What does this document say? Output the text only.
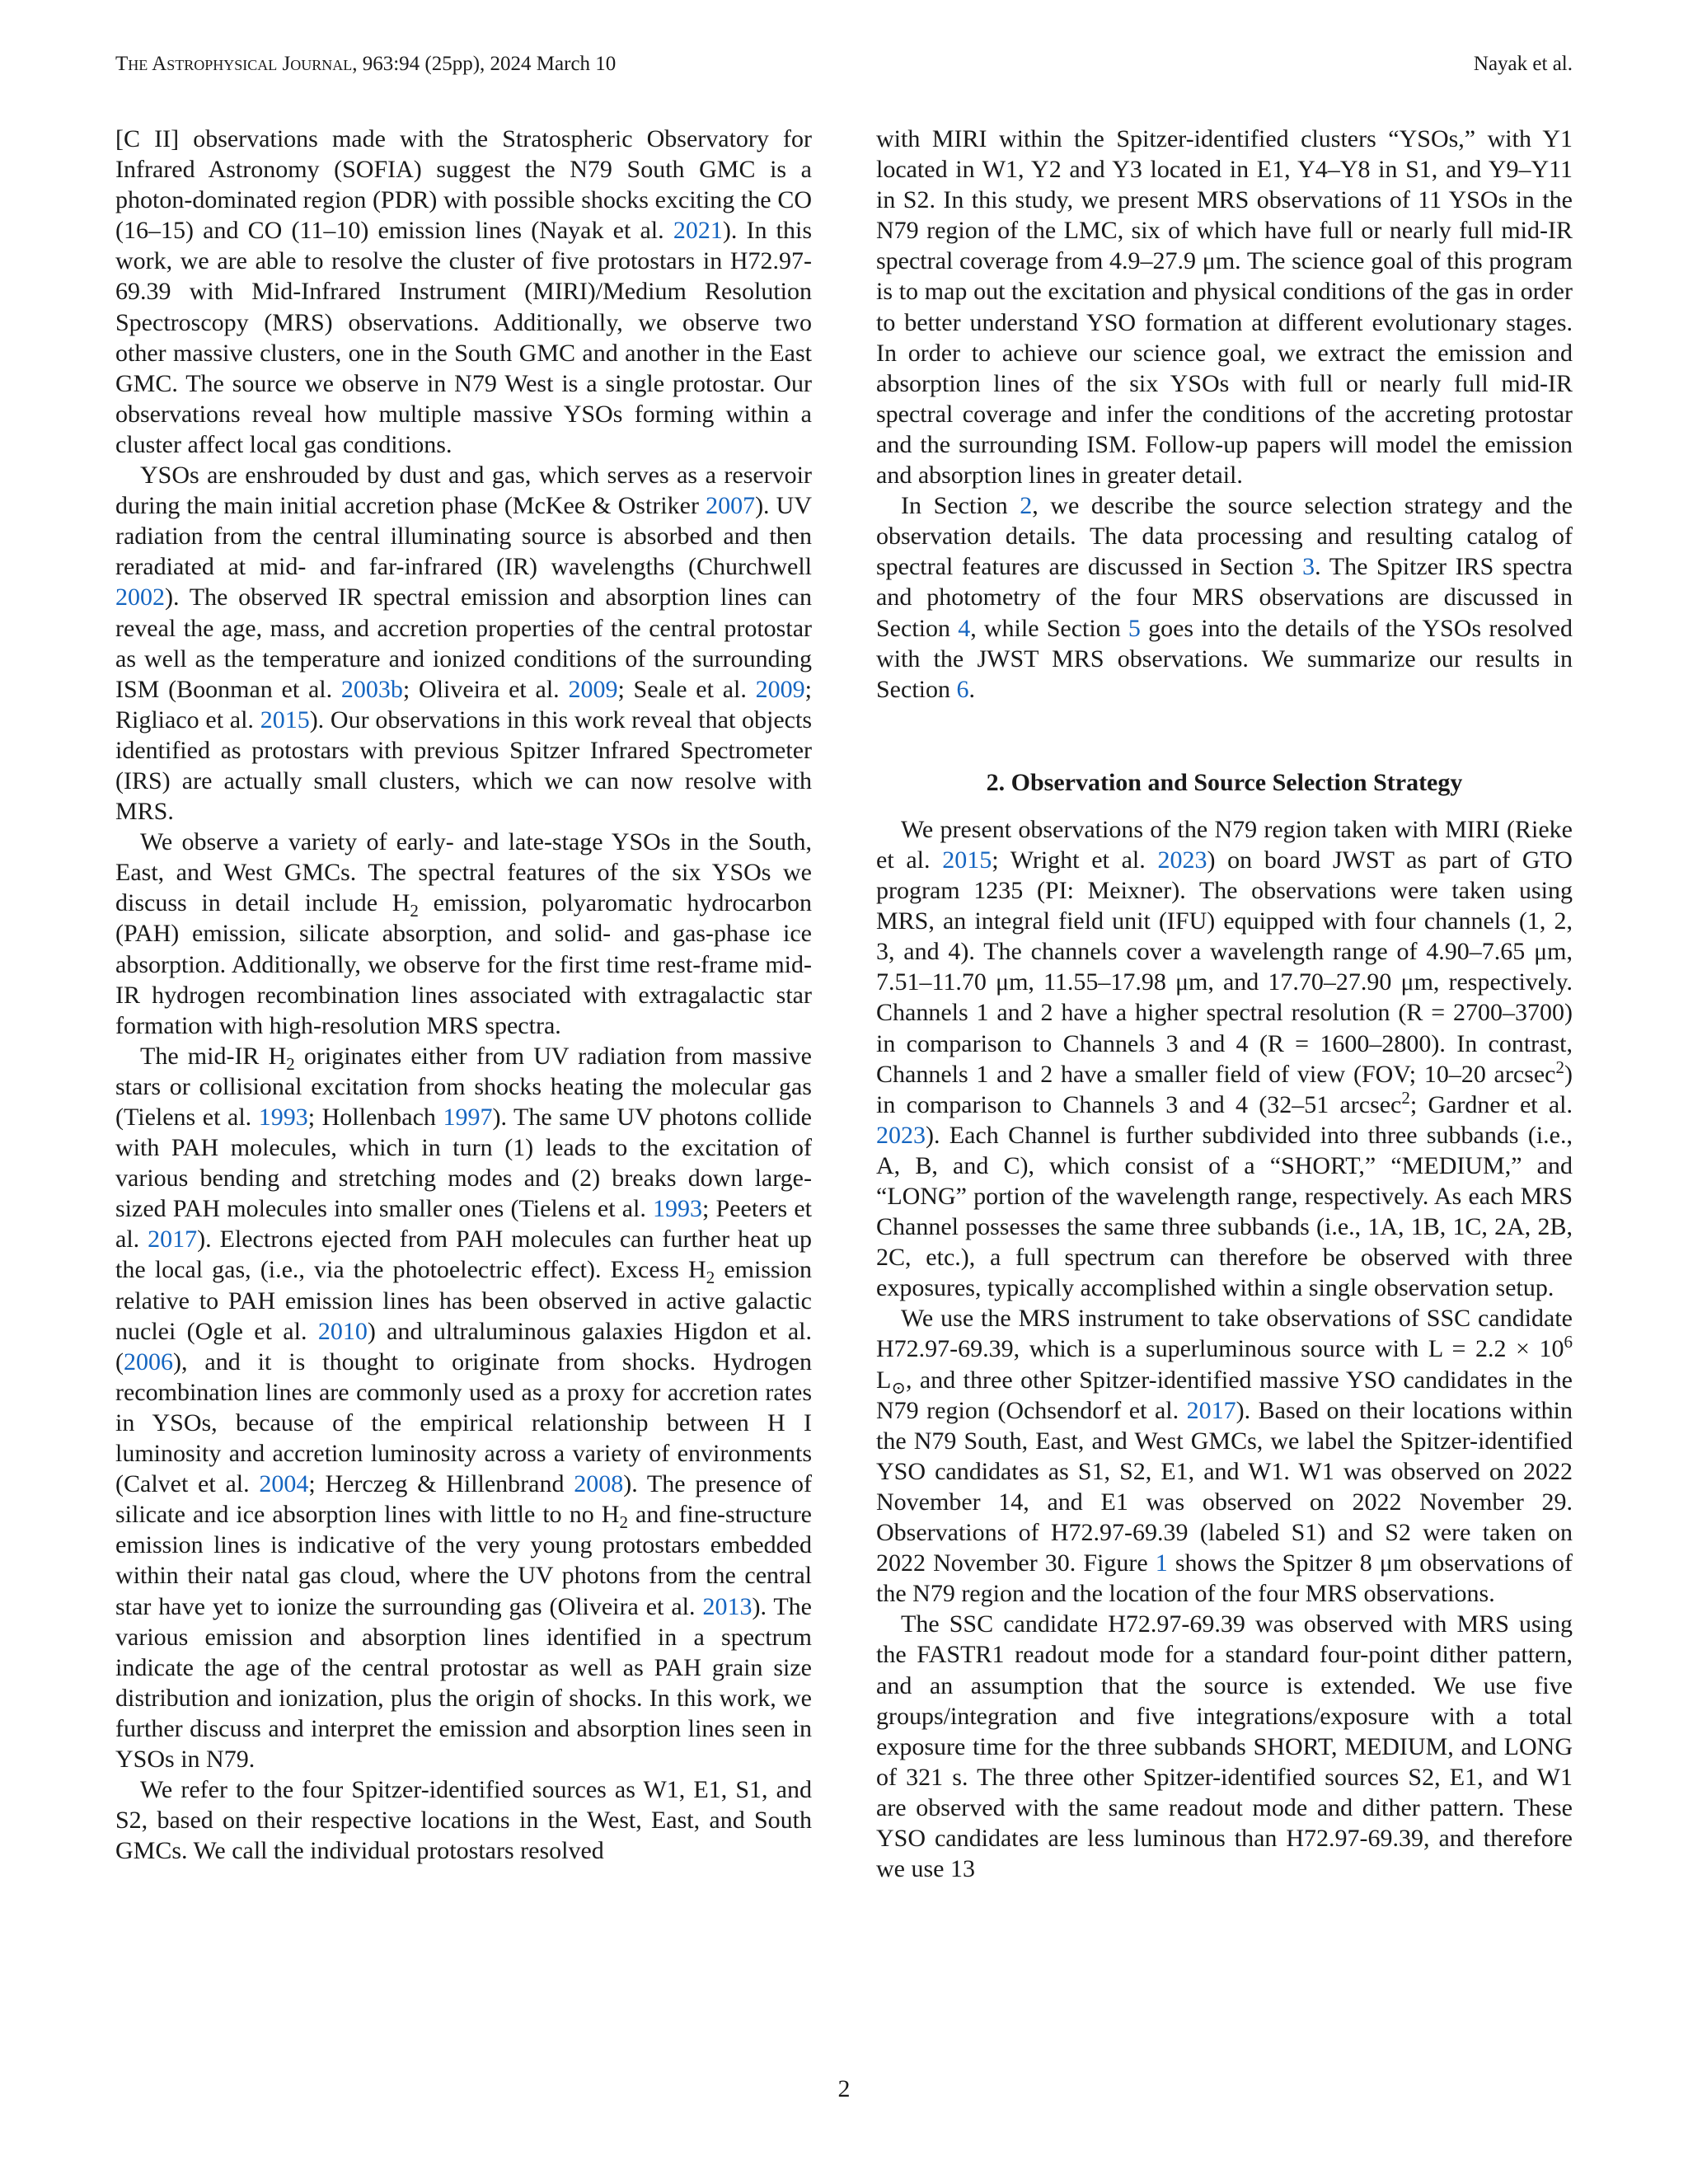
The Astrophysical Journal, 963:94 (25pp), 2024 March 10	Nayak et al.

[C II] observations made with the Stratospheric Observatory for Infrared Astronomy (SOFIA) suggest the N79 South GMC is a photon-dominated region (PDR) with possible shocks exciting the CO (16–15) and CO (11–10) emission lines (Nayak et al. 2021). In this work, we are able to resolve the cluster of five protostars in H72.97-69.39 with Mid-Infrared Instrument (MIRI)/Medium Resolution Spectroscopy (MRS) observations. Additionally, we observe two other massive clusters, one in the South GMC and another in the East GMC. The source we observe in N79 West is a single protostar. Our observations reveal how multiple massive YSOs forming within a cluster affect local gas conditions.

YSOs are enshrouded by dust and gas, which serves as a reservoir during the main initial accretion phase (McKee & Ostriker 2007). UV radiation from the central illuminating source is absorbed and then reradiated at mid- and far-infrared (IR) wavelengths (Churchwell 2002). The observed IR spectral emission and absorption lines can reveal the age, mass, and accretion properties of the central protostar as well as the temperature and ionized conditions of the surrounding ISM (Boonman et al. 2003b; Oliveira et al. 2009; Seale et al. 2009; Rigliaco et al. 2015). Our observations in this work reveal that objects identified as protostars with previous Spitzer Infrared Spectrometer (IRS) are actually small clusters, which we can now resolve with MRS.

We observe a variety of early- and late-stage YSOs in the South, East, and West GMCs. The spectral features of the six YSOs we discuss in detail include $H_2$ emission, polyaromatic hydrocarbon (PAH) emission, silicate absorption, and solid- and gas-phase ice absorption. Additionally, we observe for the first time rest-frame mid-IR hydrogen recombination lines associated with extragalactic star formation with high-resolution MRS spectra.

The mid-IR $H_2$ originates either from UV radiation from massive stars or collisional excitation from shocks heating the molecular gas (Tielens et al. 1993; Hollenbach 1997). The same UV photons collide with PAH molecules, which in turn (1) leads to the excitation of various bending and stretching modes and (2) breaks down large-sized PAH molecules into smaller ones (Tielens et al. 1993; Peeters et al. 2017). Electrons ejected from PAH molecules can further heat up the local gas, (i.e., via the photoelectric effect). Excess $H_2$ emission relative to PAH emission lines has been observed in active galactic nuclei (Ogle et al. 2010) and ultraluminous galaxies Higdon et al. (2006), and it is thought to originate from shocks. Hydrogen recombination lines are commonly used as a proxy for accretion rates in YSOs, because of the empirical relationship between H I luminosity and accretion luminosity across a variety of environments (Calvet et al. 2004; Herczeg & Hillenbrand 2008). The presence of silicate and ice absorption lines with little to no $H_2$ and fine-structure emission lines is indicative of the very young protostars embedded within their natal gas cloud, where the UV photons from the central star have yet to ionize the surrounding gas (Oliveira et al. 2013). The various emission and absorption lines identified in a spectrum indicate the age of the central protostar as well as PAH grain size distribution and ionization, plus the origin of shocks. In this work, we further discuss and interpret the emission and absorption lines seen in YSOs in N79.

We refer to the four Spitzer-identified sources as W1, E1, S1, and S2, based on their respective locations in the West, East, and South GMCs. We call the individual protostars resolved

with MIRI within the Spitzer-identified clusters “YSOs,” with Y1 located in W1, Y2 and Y3 located in E1, Y4–Y8 in S1, and Y9–Y11 in S2. In this study, we present MRS observations of 11 YSOs in the N79 region of the LMC, six of which have full or nearly full mid-IR spectral coverage from 4.9–27.9 μm. The science goal of this program is to map out the excitation and physical conditions of the gas in order to better understand YSO formation at different evolutionary stages. In order to achieve our science goal, we extract the emission and absorption lines of the six YSOs with full or nearly full mid-IR spectral coverage and infer the conditions of the accreting protostar and the surrounding ISM. Follow-up papers will model the emission and absorption lines in greater detail.

In Section 2, we describe the source selection strategy and the observation details. The data processing and resulting catalog of spectral features are discussed in Section 3. The Spitzer IRS spectra and photometry of the four MRS observations are discussed in Section 4, while Section 5 goes into the details of the YSOs resolved with the JWST MRS observations. We summarize our results in Section 6.

2. Observation and Source Selection Strategy

We present observations of the N79 region taken with MIRI (Rieke et al. 2015; Wright et al. 2023) on board JWST as part of GTO program 1235 (PI: Meixner). The observations were taken using MRS, an integral field unit (IFU) equipped with four channels (1, 2, 3, and 4). The channels cover a wavelength range of 4.90–7.65 μm, 7.51–11.70 μm, 11.55–17.98 μm, and 17.70–27.90 μm, respectively. Channels 1 and 2 have a higher spectral resolution (R = 2700–3700) in comparison to Channels 3 and 4 (R = 1600–2800). In contrast, Channels 1 and 2 have a smaller field of view (FOV; 10–20 arcsec$^2$) in comparison to Channels 3 and 4 (32–51 arcsec$^2$; Gardner et al. 2023). Each Channel is further subdivided into three subbands (i.e., A, B, and C), which consist of a “SHORT,” “MEDIUM,” and “LONG” portion of the wavelength range, respectively. As each MRS Channel possesses the same three subbands (i.e., 1A, 1B, 1C, 2A, 2B, 2C, etc.), a full spectrum can therefore be observed with three exposures, typically accomplished within a single observation setup.

We use the MRS instrument to take observations of SSC candidate H72.97-69.39, which is a superluminous source with $L = 2.2 \times 10^6$ $L_⊙$, and three other Spitzer-identified massive YSO candidates in the N79 region (Ochsendorf et al. 2017). Based on their locations within the N79 South, East, and West GMCs, we label the Spitzer-identified YSO candidates as S1, S2, E1, and W1. W1 was observed on 2022 November 14, and E1 was observed on 2022 November 29. Observations of H72.97-69.39 (labeled S1) and S2 were taken on 2022 November 30. Figure 1 shows the Spitzer 8 μm observations of the N79 region and the location of the four MRS observations.

The SSC candidate H72.97-69.39 was observed with MRS using the FASTR1 readout mode for a standard four-point dither pattern, and an assumption that the source is extended. We use five groups/integration and five integrations/exposure with a total exposure time for the three subbands SHORT, MEDIUM, and LONG of 321 s. The three other Spitzer-identified sources S2, E1, and W1 are observed with the same readout mode and dither pattern. These YSO candidates are less luminous than H72.97-69.39, and therefore we use 13

2
